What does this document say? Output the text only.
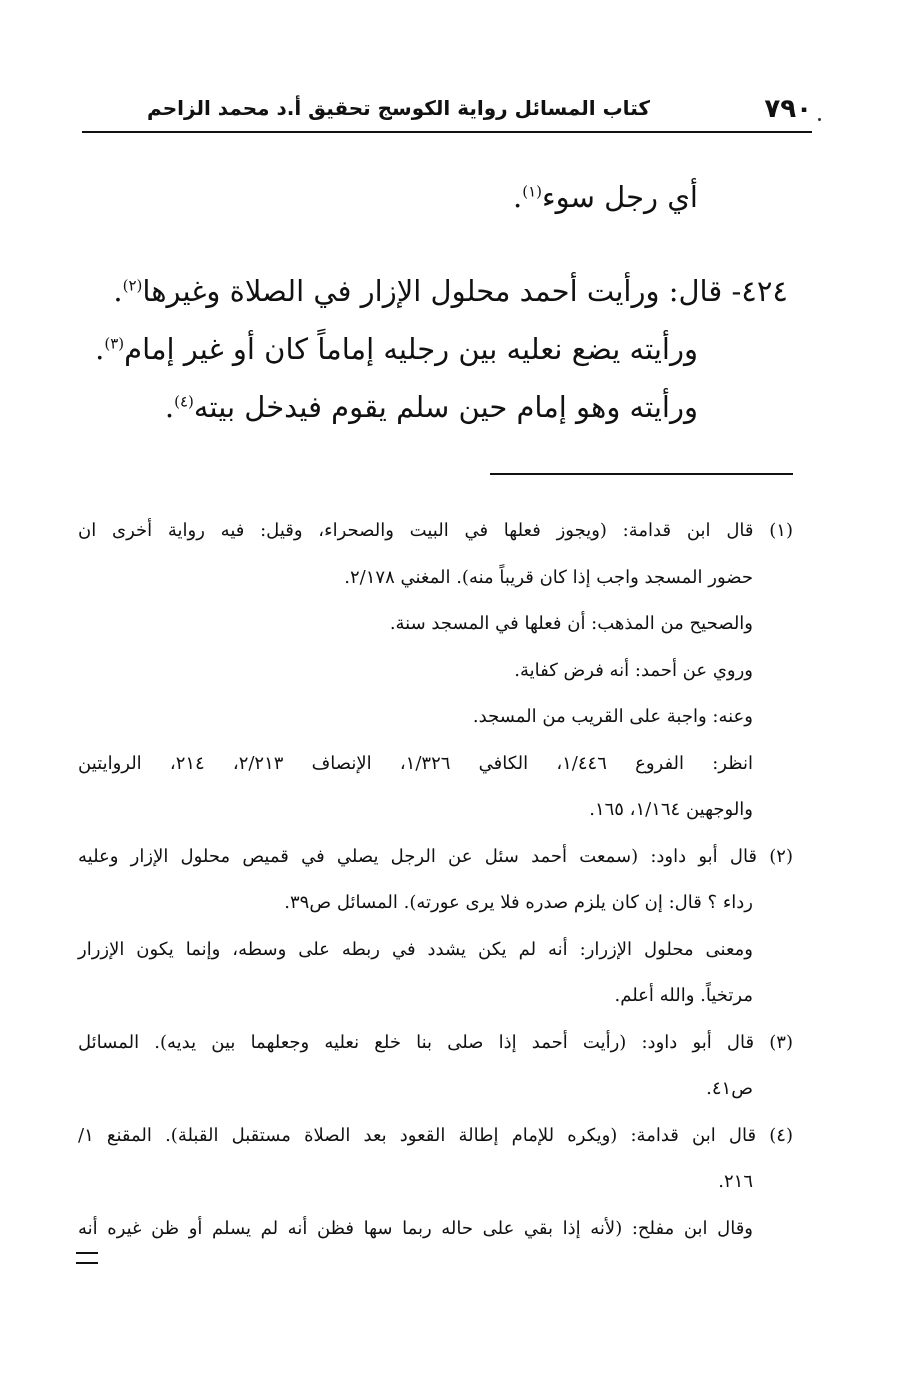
٧٩٠
كتاب المسائل رواية الكوسج تحقيق أ.د محمد الزاحم
أي رجل سوء$^{(١)}$.
٤٢٤- قال: ورأيت أحمد محلول الإزار في الصلاة وغيرها$^{(٢)}$.
ورأيته يضع نعليه بين رجليه إماماً كان أو غير إمام$^{(٣)}$.
ورأيته وهو إمام حين سلم يقوم فيدخل بيته$^{(٤)}$.
(١) قال ابن قدامة: (ويجوز فعلها في البيت والصحراء، وقيل: فيه رواية أخرى ان
حضور المسجد واجب إذا كان قريباً منه). المغني ٢/١٧٨.
والصحيح من المذهب: أن فعلها في المسجد سنة.
وروي عن أحمد: أنه فرض كفاية.
وعنه: واجبة على القريب من المسجد.
انظر: الفروع ١/٤٤٦، الكافي ١/٣٢٦، الإنصاف ٢/٢١٣، ٢١٤، الروايتين
والوجهين ١/١٦٤، ١٦٥.
(٢) قال أبو داود: (سمعت أحمد سئل عن الرجل يصلي في قميص محلول الإزار وعليه
رداء ؟ قال: إن كان يلزم صدره فلا يرى عورته). المسائل ص٣٩.
ومعنى محلول الإزرار: أنه لم يكن يشدد في ربطه على وسطه، وإنما يكون الإزرار
مرتخياً. والله أعلم.
(٣) قال أبو داود: (رأيت أحمد إذا صلى بنا خلع نعليه وجعلهما بين يديه). المسائل
ص٤١.
(٤) قال ابن قدامة: (ويكره للإمام إطالة القعود بعد الصلاة مستقبل القبلة). المقنع ١/
٢١٦.
وقال ابن مفلح: (لأنه إذا بقي على حاله ربما سها فظن أنه لم يسلم أو ظن غيره أنه
